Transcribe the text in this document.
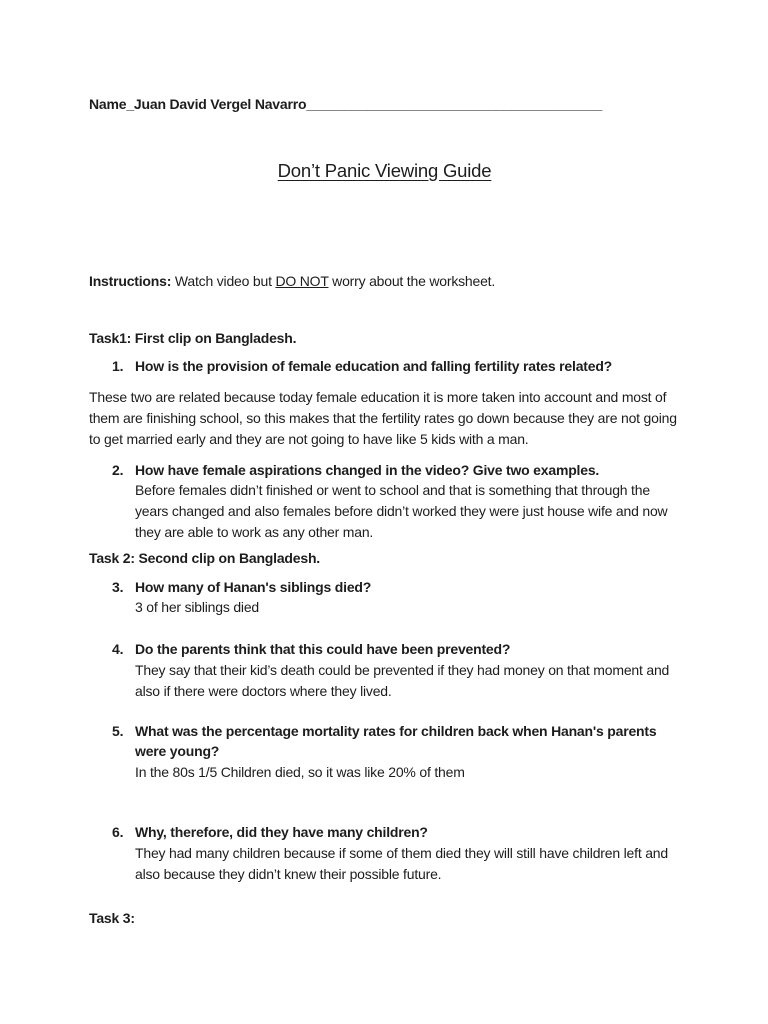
Name_Juan David Vergel Navarro_______________________________________

Don’t Panic Viewing Guide

Instructions: Watch video but DO NOT worry about the worksheet.

Task1: First clip on Bangladesh.

1. How is the provision of female education and falling fertility rates related?

These two are related because today female education it is more taken into account and most of them are finishing school, so this makes that the fertility rates go down because they are not going to get married early and they are not going to have like 5 kids with a man.

2. How have female aspirations changed in the video? Give two examples.
Before females didn’t finished or went to school and that is something that through the years changed and also females before didn’t worked they were just house wife and now they are able to work as any other man.

Task 2: Second clip on Bangladesh.

3. How many of Hanan's siblings died?
3 of her siblings died
4. Do the parents think that this could have been prevented?
They say that their kid’s death could be prevented if they had money on that moment and also if there were doctors where they lived.
5. What was the percentage mortality rates for children back when Hanan's parents were young?
In the 80s 1/5 Children died, so it was like 20% of them
6. Why, therefore, did they have many children?
They had many children because if some of them died they will still have children left and also because they didn’t knew their possible future.

Task 3:
